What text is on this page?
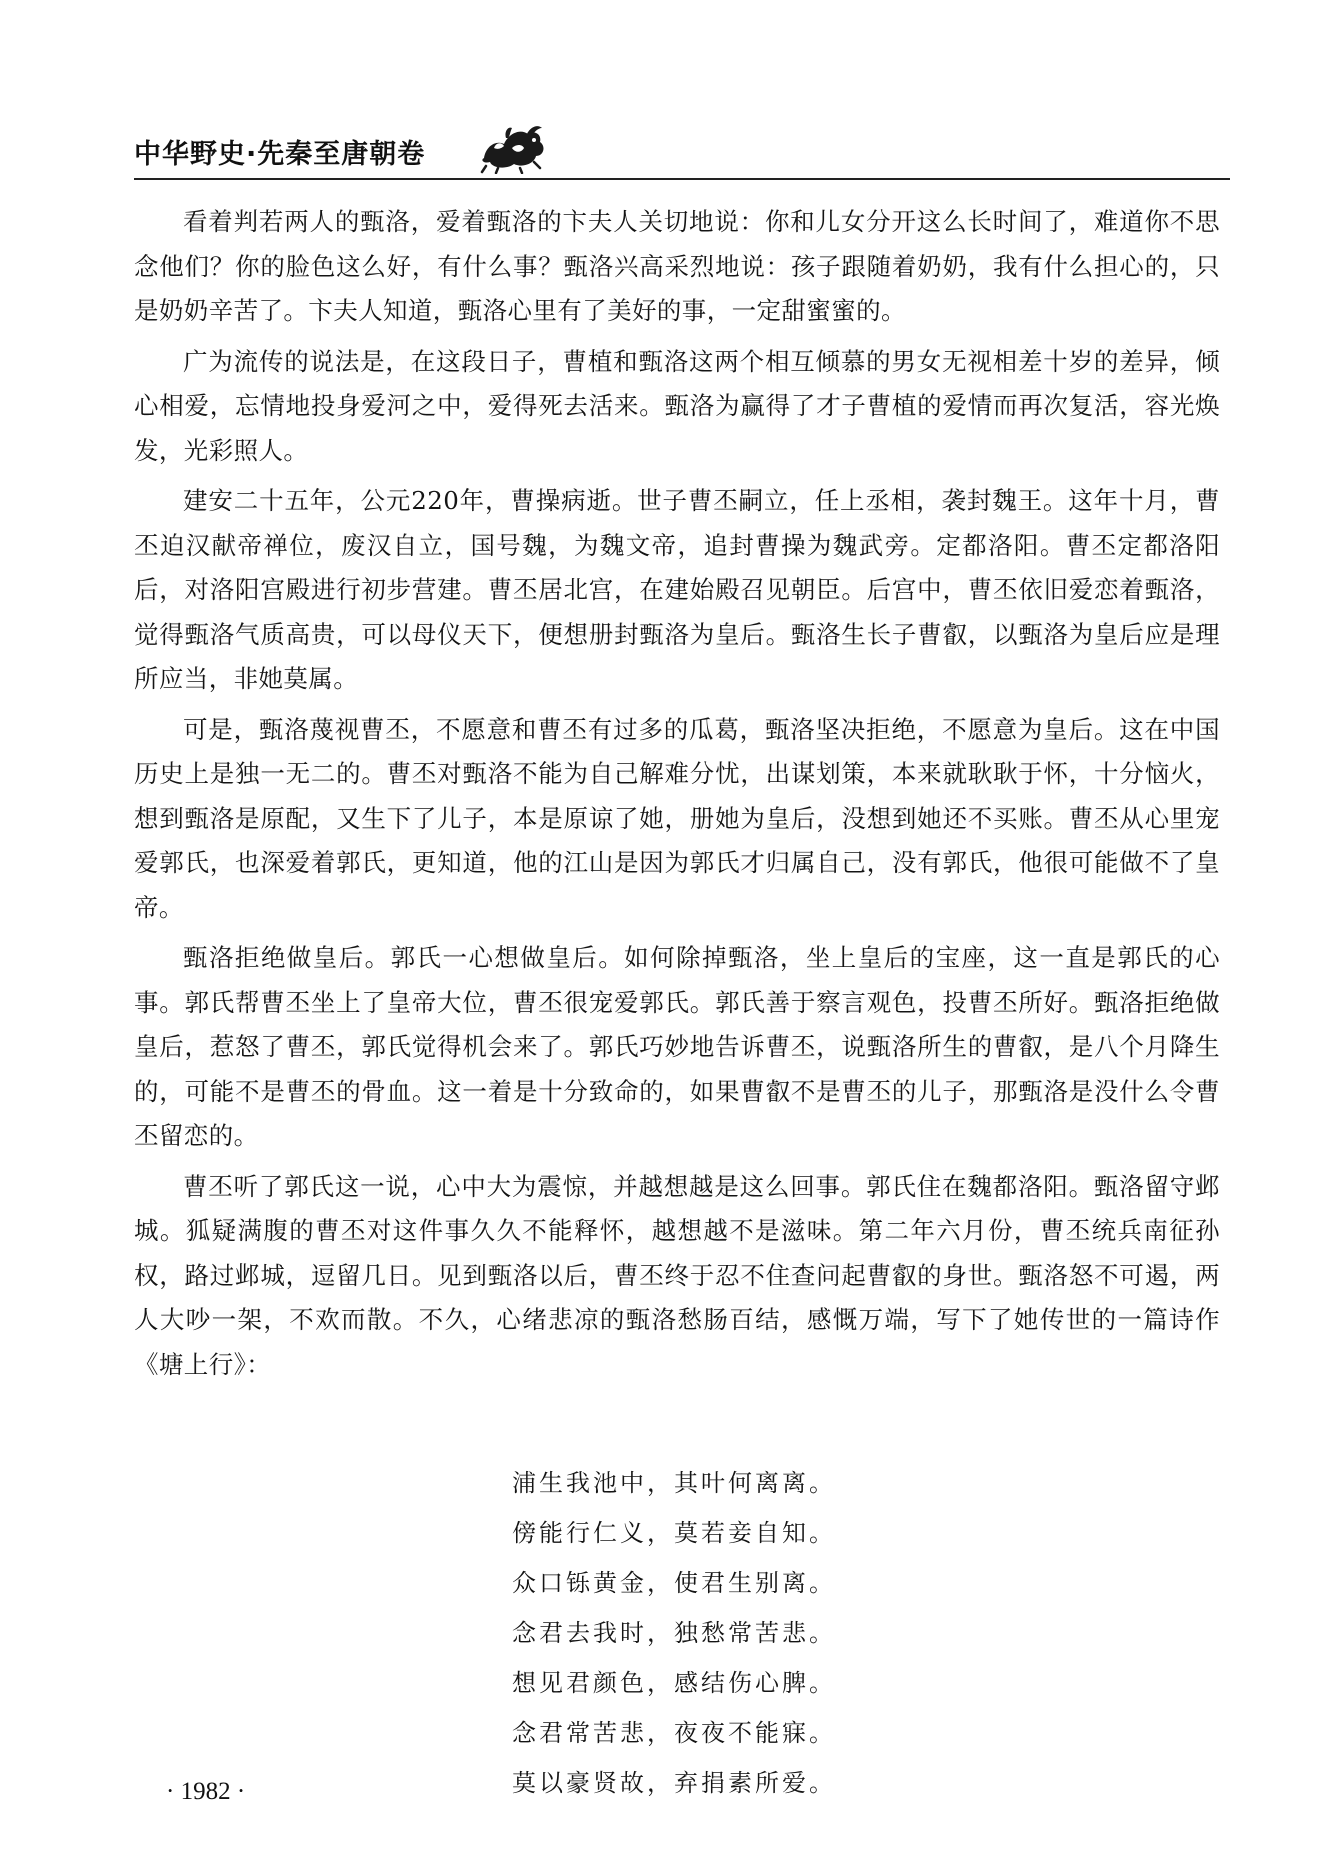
中华野史·先秦至唐朝卷

看着判若两人的甄洛，爱着甄洛的卞夫人关切地说：你和儿女分开这么长时间了，难道你不思念他们？你的脸色这么好，有什么事？甄洛兴高采烈地说：孩子跟随着奶奶，我有什么担心的，只是奶奶辛苦了。卞夫人知道，甄洛心里有了美好的事，一定甜蜜蜜的。

广为流传的说法是，在这段日子，曹植和甄洛这两个相互倾慕的男女无视相差十岁的差异，倾心相爱，忘情地投身爱河之中，爱得死去活来。甄洛为赢得了才子曹植的爱情而再次复活，容光焕发，光彩照人。

建安二十五年，公元220年，曹操病逝。世子曹丕嗣立，任上丞相，袭封魏王。这年十月，曹丕迫汉献帝禅位，废汉自立，国号魏，为魏文帝，追封曹操为魏武旁。定都洛阳。曹丕定都洛阳后，对洛阳宫殿进行初步营建。曹丕居北宫，在建始殿召见朝臣。后宫中，曹丕依旧爱恋着甄洛，觉得甄洛气质高贵，可以母仪天下，便想册封甄洛为皇后。甄洛生长子曹叡，以甄洛为皇后应是理所应当，非她莫属。

可是，甄洛蔑视曹丕，不愿意和曹丕有过多的瓜葛，甄洛坚决拒绝，不愿意为皇后。这在中国历史上是独一无二的。曹丕对甄洛不能为自己解难分忧，出谋划策，本来就耿耿于怀，十分恼火，想到甄洛是原配，又生下了儿子，本是原谅了她，册她为皇后，没想到她还不买账。曹丕从心里宠爱郭氏，也深爱着郭氏，更知道，他的江山是因为郭氏才归属自己，没有郭氏，他很可能做不了皇帝。

甄洛拒绝做皇后。郭氏一心想做皇后。如何除掉甄洛，坐上皇后的宝座，这一直是郭氏的心事。郭氏帮曹丕坐上了皇帝大位，曹丕很宠爱郭氏。郭氏善于察言观色，投曹丕所好。甄洛拒绝做皇后，惹怒了曹丕，郭氏觉得机会来了。郭氏巧妙地告诉曹丕，说甄洛所生的曹叡，是八个月降生的，可能不是曹丕的骨血。这一着是十分致命的，如果曹叡不是曹丕的儿子，那甄洛是没什么令曹丕留恋的。

曹丕听了郭氏这一说，心中大为震惊，并越想越是这么回事。郭氏住在魏都洛阳。甄洛留守邺城。狐疑满腹的曹丕对这件事久久不能释怀，越想越不是滋味。第二年六月份，曹丕统兵南征孙权，路过邺城，逗留几日。见到甄洛以后，曹丕终于忍不住查问起曹叡的身世。甄洛怒不可遏，两人大吵一架，不欢而散。不久，心绪悲凉的甄洛愁肠百结，感慨万端，写下了她传世的一篇诗作《塘上行》：

浦生我池中，其叶何离离。
傍能行仁义，莫若妾自知。
众口铄黄金，使君生别离。
念君去我时，独愁常苦悲。
想见君颜色，感结伤心脾。
念君常苦悲，夜夜不能寐。
莫以豪贤故，弃捐素所爱。
· 1982 ·
